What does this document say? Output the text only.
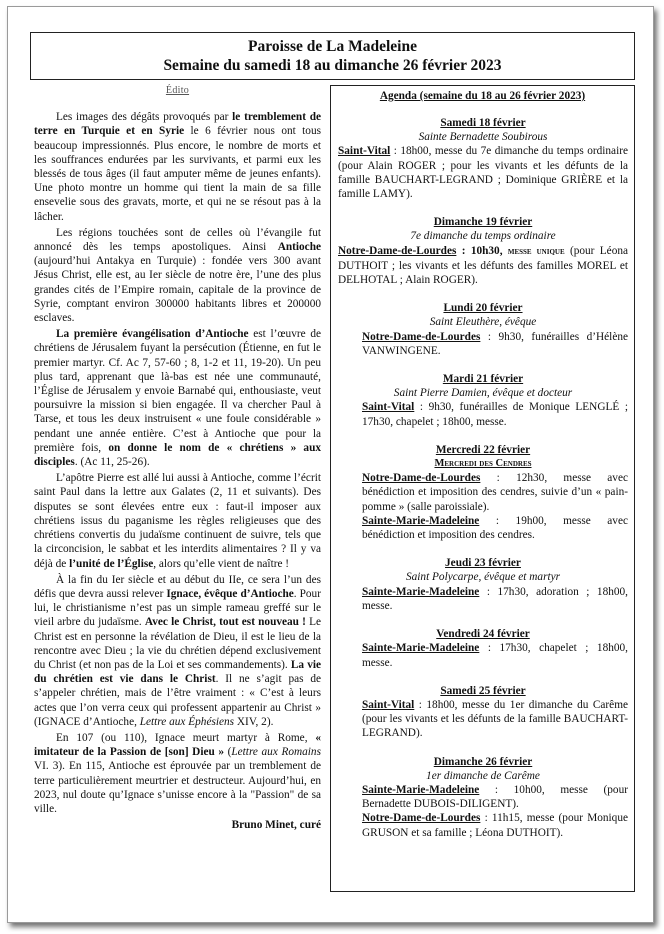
Paroisse de La Madeleine
Semaine du samedi 18 au dimanche 26 février 2023
Édito

Les images des dégâts provoqués par le tremblement de terre en Turquie et en Syrie le 6 février nous ont tous beaucoup impressionnés. Plus encore, le nombre de morts et les souffrances endurées par les survivants, et parmi eux les blessés de tous âges (il faut amputer même de jeunes enfants). Une photo montre un homme qui tient la main de sa fille ensevelie sous des gravats, morte, et qui ne se résout pas à la lâcher.

Les régions touchées sont de celles où l’évangile fut annoncé dès les temps apostoliques. Ainsi Antioche (aujourd’hui Antakya en Turquie) : fondée vers 300 avant Jésus Christ, elle est, au Ier siècle de notre ère, l’une des plus grandes cités de l’Empire romain, capitale de la province de Syrie, comptant environ 300000 habitants libres et 200000 esclaves.

La première évangélisation d’Antioche est l’œuvre de chrétiens de Jérusalem fuyant la persécution (Étienne, en fut le premier martyr. Cf. Ac 7, 57-60 ; 8, 1-2 et 11, 19-20). Un peu plus tard, apprenant que là-bas est née une communauté, l’Église de Jérusalem y envoie Barnabé qui, enthousiaste, veut poursuivre la mission si bien engagée. Il va chercher Paul à Tarse, et tous les deux instruisent « une foule considérable » pendant une année entière. C’est à Antioche que pour la première fois, on donne le nom de « chrétiens » aux disciples. (Ac 11, 25-26).

L’apôtre Pierre est allé lui aussi à Antioche, comme l’écrit saint Paul dans la lettre aux Galates (2, 11 et suivants). Des disputes se sont élevées entre eux : faut-il imposer aux chrétiens issus du paganisme les règles religieuses que des chrétiens convertis du judaïsme continuent de suivre, tels que la circoncision, le sabbat et les interdits alimentaires ? Il y va déjà de l’unité de l’Église, alors qu’elle vient de naître !

À la fin du Ier siècle et au début du IIe, ce sera l’un des défis que devra aussi relever Ignace, évêque d’Antioche. Pour lui, le christianisme n’est pas un simple rameau greffé sur le vieil arbre du judaïsme. Avec le Christ, tout est nouveau ! Le Christ est en personne la révélation de Dieu, il est le lieu de la rencontre avec Dieu ; la vie du chrétien dépend exclusivement du Christ (et non pas de la Loi et ses commandements). La vie du chrétien est vie dans le Christ. Il ne s’agit pas de s’appeler chrétien, mais de l’être vraiment : « C’est à leurs actes que l’on verra ceux qui professent appartenir au Christ » (IGNACE d’Antioche, Lettre aux Éphésiens XIV, 2).

En 107 (ou 110), Ignace meurt martyr à Rome, « imitateur de la Passion de [son] Dieu » (Lettre aux Romains VI. 3). En 115, Antioche est éprouvée par un tremblement de terre particulièrement meurtrier et destructeur. Aujourd’hui, en 2023, nul doute qu’Ignace s’unisse encore à la "Passion" de sa ville.

Bruno Minet, curé
Agenda (semaine du 18 au 26 février 2023)
Samedi 18 février
Sainte Bernadette Soubirous

Saint-Vital : 18h00, messe du 7e dimanche du temps ordinaire (pour Alain ROGER ; pour les vivants et les défunts de la famille BAUCHART-LEGRAND ; Dominique GRIÈRE et la famille LAMY).

Dimanche 19 février
7e dimanche du temps ordinaire

Notre-Dame-de-Lourdes : 10h30, messe unique (pour Léona DUTHOIT ; les vivants et les défunts des familles MOREL et DELHOTAL ; Alain ROGER).

Lundi 20 février
Saint Eleuthère, évêque

Notre-Dame-de-Lourdes : 9h30, funérailles d’Hélène VANWINGENE.

Mardi 21 février
Saint Pierre Damien, évêque et docteur

Saint-Vital : 9h30, funérailles de Monique LENGLÉ ; 17h30, chapelet ; 18h00, messe.

Mercredi 22 février
Mercredi des Cendres

Notre-Dame-de-Lourdes : 12h30, messe avec bénédiction et imposition des cendres, suivie d’un « pain-pomme » (salle paroissiale).

Sainte-Marie-Madeleine : 19h00, messe avec bénédiction et imposition des cendres.

Jeudi 23 février
Saint Polycarpe, évêque et martyr

Sainte-Marie-Madeleine : 17h30, adoration ; 18h00, messe.

Vendredi 24 février

Sainte-Marie-Madeleine : 17h30, chapelet ; 18h00, messe.

Samedi 25 février

Saint-Vital : 18h00, messe du 1er dimanche du Carême (pour les vivants et les défunts de la famille BAUCHART-LEGRAND).

Dimanche 26 février
1er dimanche de Carême

Sainte-Marie-Madeleine : 10h00, messe (pour Bernadette DUBOIS-DILIGENT).

Notre-Dame-de-Lourdes : 11h15, messe (pour Monique GRUSON et sa famille ; Léona DUTHOIT).
